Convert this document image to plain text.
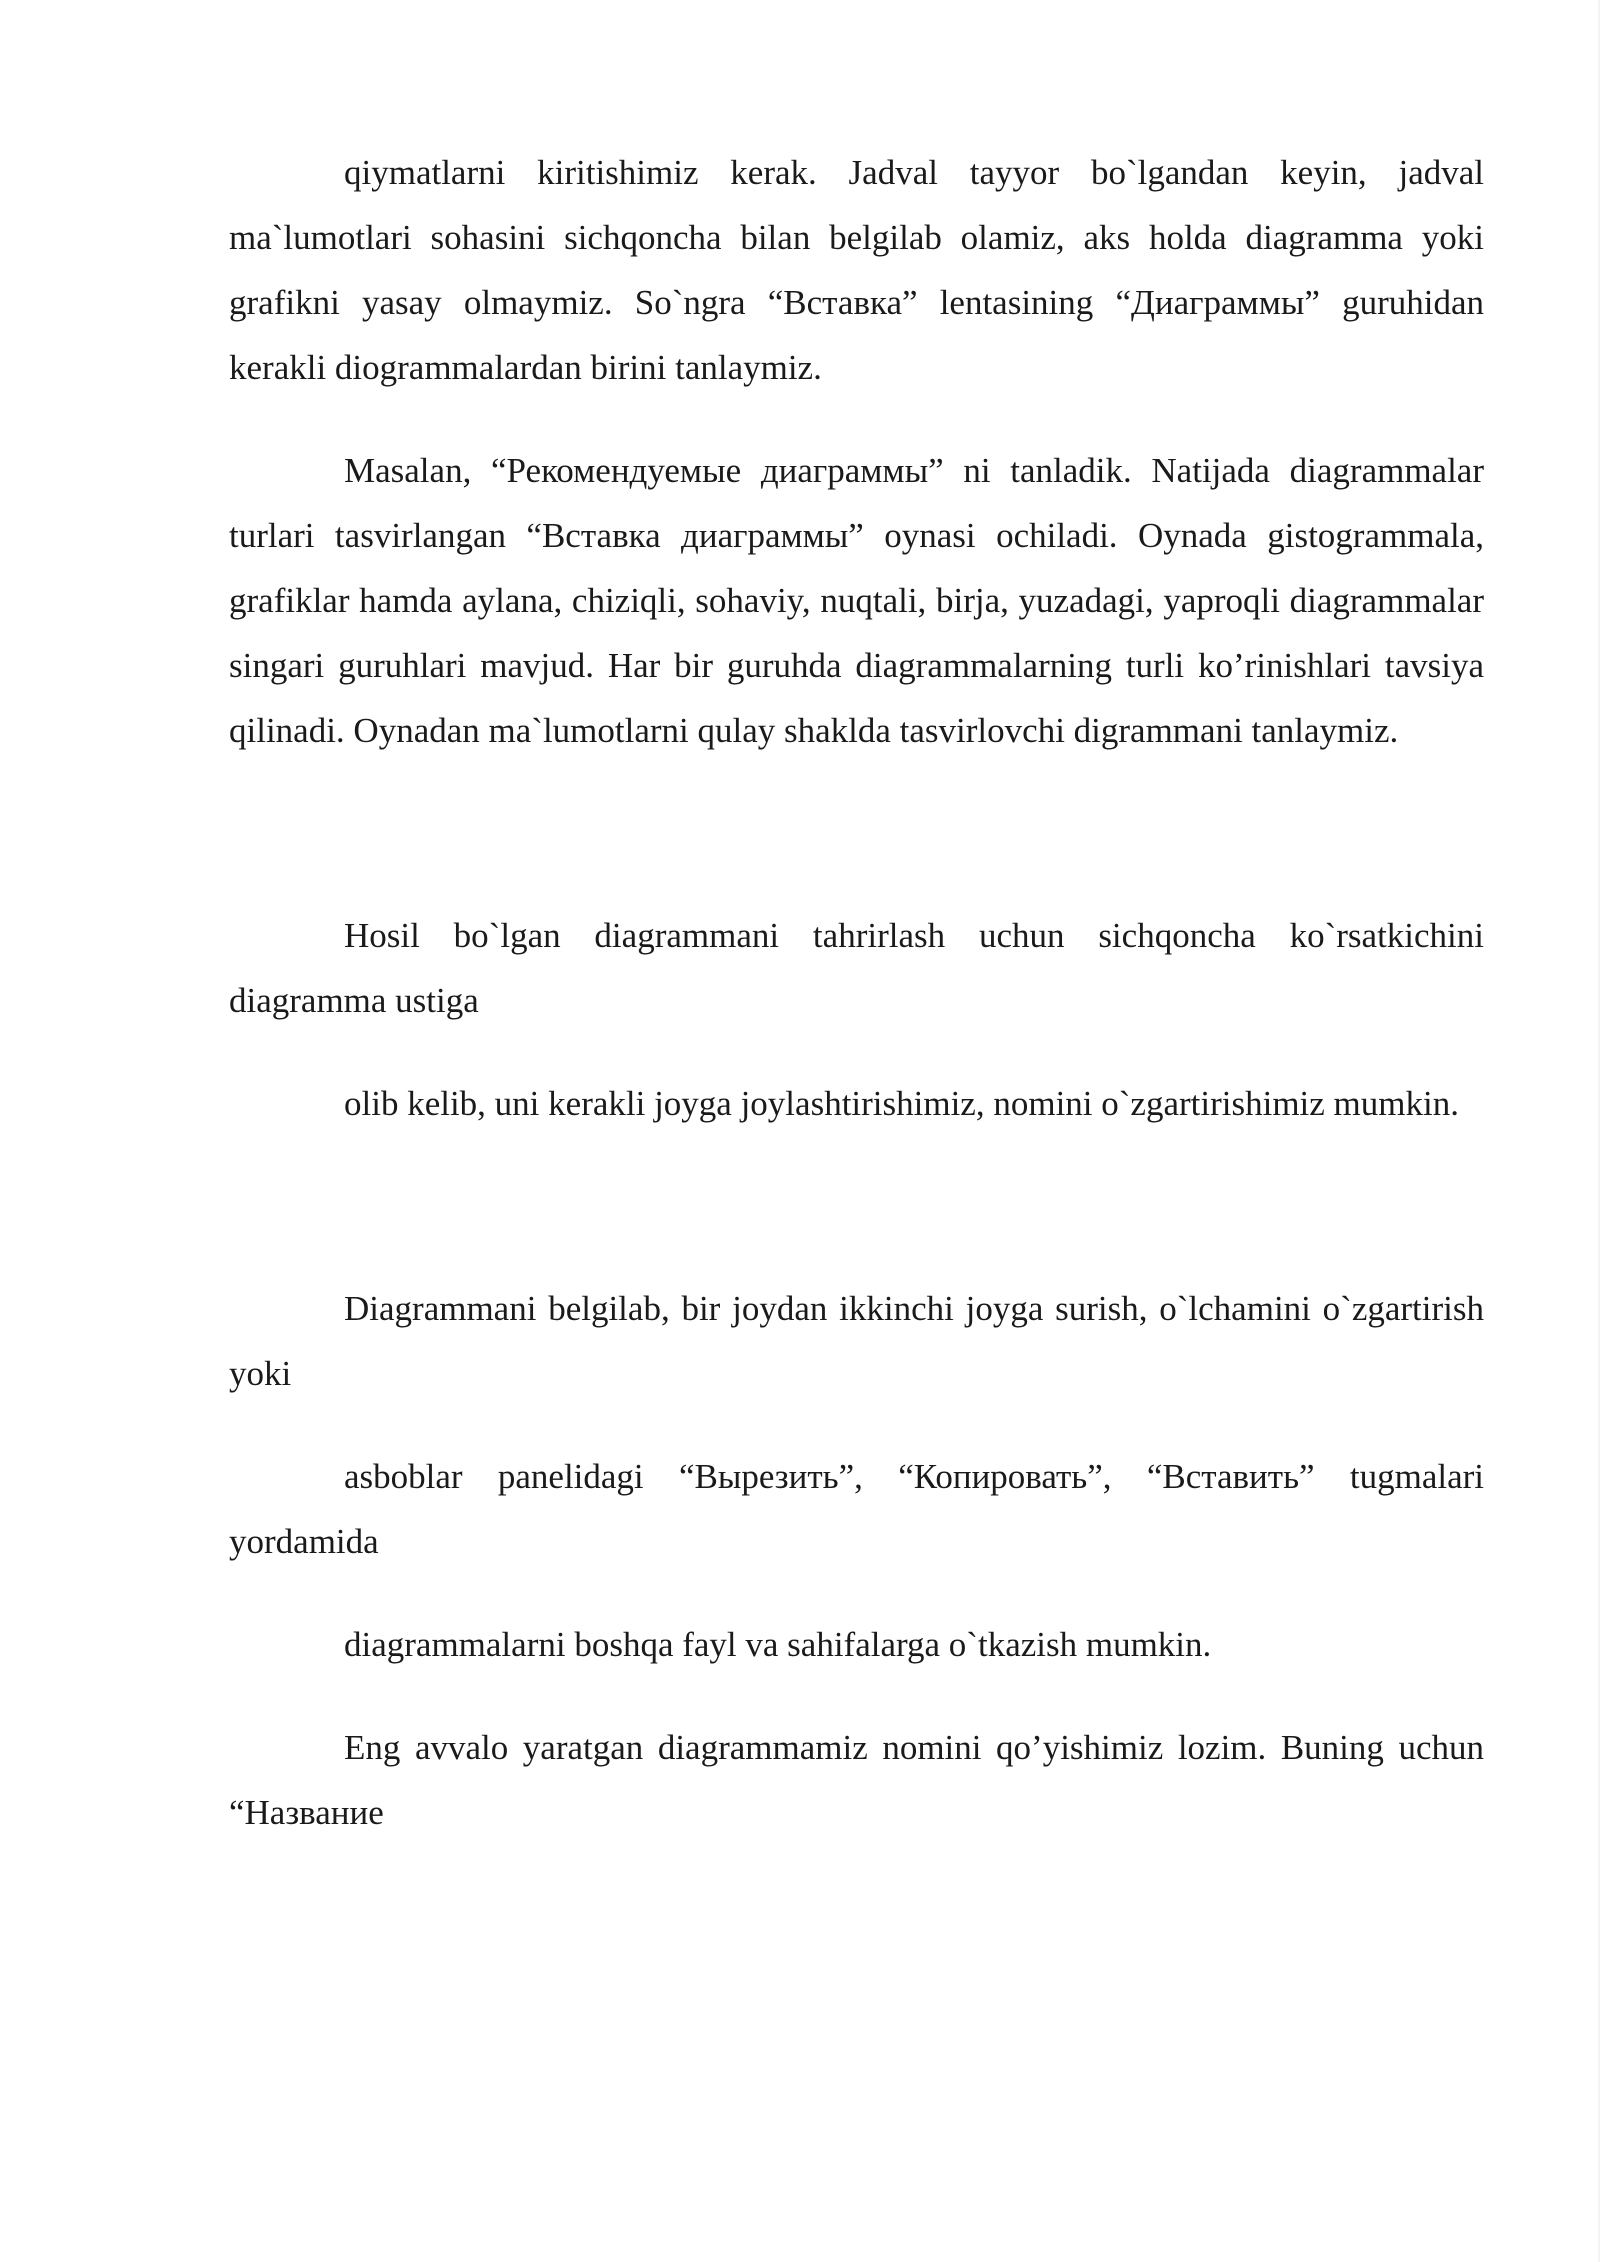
qiymatlarni kiritishimiz kerak. Jadval tayyor bo`lgandan keyin, jadval ma`lumotlari sohasini sichqoncha bilan belgilab olamiz, aks holda diagramma yoki grafikni yasay olmaymiz. So`ngra “Вставка” lentasining “Диаграммы” guruhidan kerakli diogrammalardan birini tanlaymiz.

Masalan, “Рекомендуемые диаграммы” ni tanladik. Natijada diagrammalar turlari tasvirlangan “Вставка диаграммы” oynasi ochiladi. Oynada gistogrammala, grafiklar hamda aylana, chiziqli, sohaviy, nuqtali, birja, yuzadagi, yaproqli diagrammalar singari guruhlari mavjud. Har bir guruhda diagrammalarning turli ko’rinishlari tavsiya qilinadi. Oynadan ma`lumotlarni qulay shaklda tasvirlovchi digrammani tanlaymiz.

Hosil bo`lgan diagrammani tahrirlash uchun sichqoncha ko`rsatkichini diagramma ustiga

olib kelib, uni kerakli joyga joylashtirishimiz, nomini o`zgartirishimiz mumkin.

Diagrammani belgilab, bir joydan ikkinchi joyga surish, o`lchamini o`zgartirish yoki

asboblar panelidagi “Вырезить”, “Копировать”, “Вставить” tugmalari yordamida

diagrammalarni boshqa fayl va sahifalarga o`tkazish mumkin.

Eng avvalo yaratgan diagrammamiz nomini qo’yishimiz lozim. Buning uchun “Название
